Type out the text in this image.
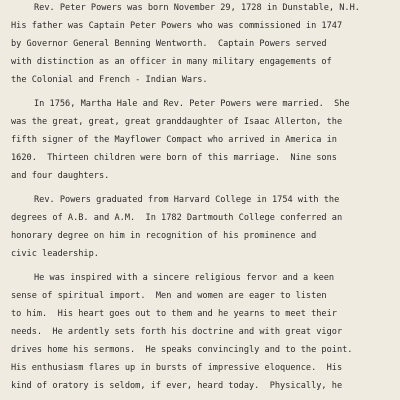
Rev. Peter Powers was born November 29, 1728 in Dunstable, N.H.
His father was Captain Peter Powers who was commissioned in 1747
by Governor General Benning Wentworth.  Captain Powers served
with distinction as an officer in many military engagements of
the Colonial and French - Indian Wars.
In 1756, Martha Hale and Rev. Peter Powers were married.  She
was the great, great, great granddaughter of Isaac Allerton, the
fifth signer of the Mayflower Compact who arrived in America in
1620.  Thirteen children were born of this marriage.  Nine sons
and four daughters.
Rev. Powers graduated from Harvard College in 1754 with the
degrees of A.B. and A.M.  In 1782 Dartmouth College conferred an
honorary degree on him in recognition of his prominence and
civic leadership.
He was inspired with a sincere religious fervor and a keen
sense of spiritual import.  Men and women are eager to listen
to him.  His heart goes out to them and he yearns to meet their
needs.  He ardently sets forth his doctrine and with great vigor
drives home his sermons.  He speaks convincingly and to the point.
His enthusiasm flares up in bursts of impressive eloquence.  His
kind of oratory is seldom, if ever, heard today.  Physically, he
